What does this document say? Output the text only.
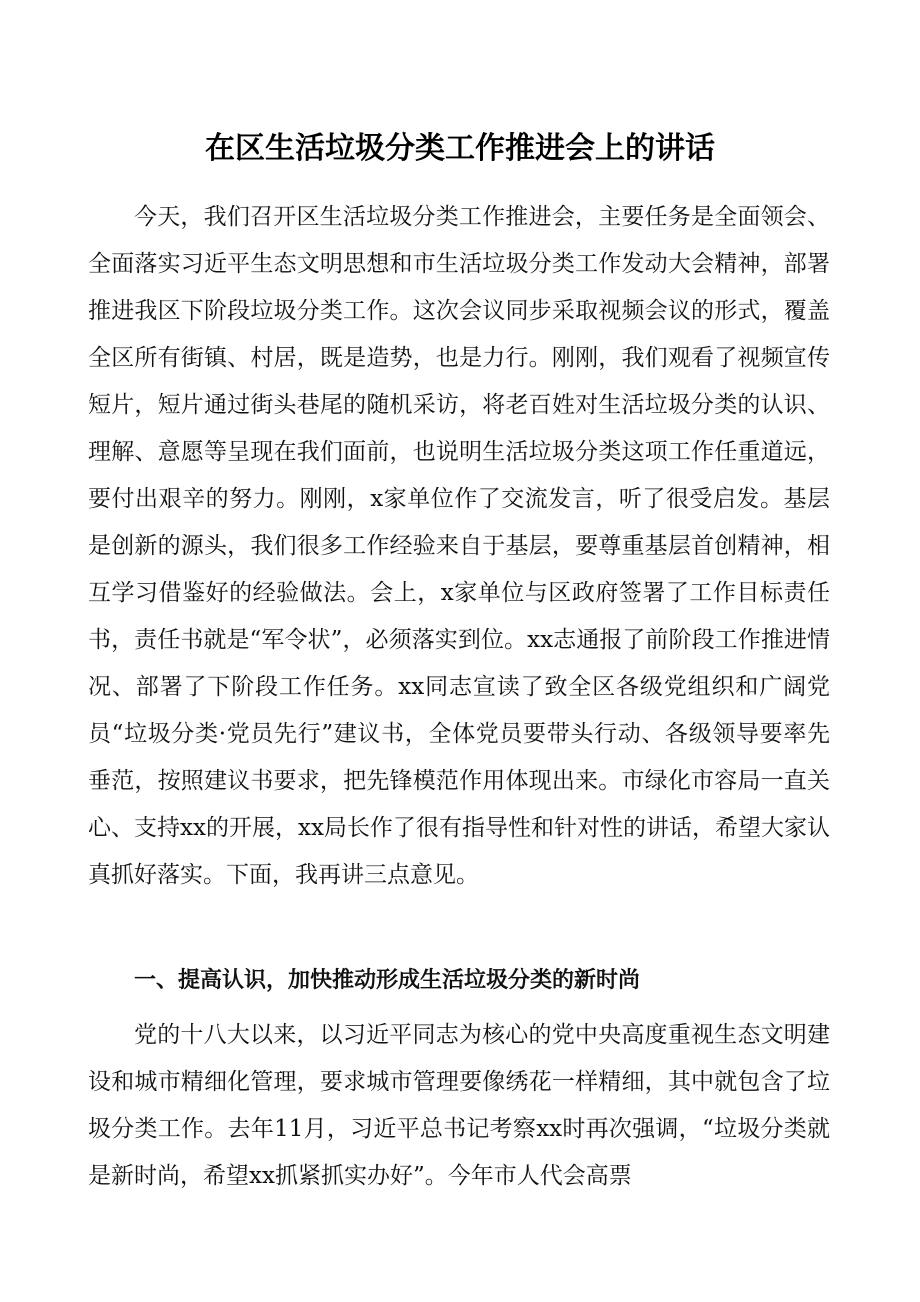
在区生活垃圾分类工作推进会上的讲话

今天，我们召开区生活垃圾分类工作推进会，主要任务是全面领会、全面落实习近平生态文明思想和市生活垃圾分类工作发动大会精神，部署推进我区下阶段垃圾分类工作。这次会议同步采取视频会议的形式，覆盖全区所有街镇、村居，既是造势，也是力行。刚刚，我们观看了视频宣传短片，短片通过街头巷尾的随机采访，将老百姓对生活垃圾分类的认识、理解、意愿等呈现在我们面前，也说明生活垃圾分类这项工作任重道远，要付出艰辛的努力。刚刚，x家单位作了交流发言，听了很受启发。基层是创新的源头，我们很多工作经验来自于基层，要尊重基层首创精神，相互学习借鉴好的经验做法。会上，x家单位与区政府签署了工作目标责任书，责任书就是“军令状”，必须落实到位。xx志通报了前阶段工作推进情况、部署了下阶段工作任务。xx同志宣读了致全区各级党组织和广阔党员“垃圾分类·党员先行”建议书，全体党员要带头行动、各级领导要率先垂范，按照建议书要求，把先锋模范作用体现出来。市绿化市容局一直关心、支持xx的开展，xx局长作了很有指导性和针对性的讲话，希望大家认真抓好落实。下面，我再讲三点意见。

一、提高认识，加快推动形成生活垃圾分类的新时尚

党的十八大以来，以习近平同志为核心的党中央高度重视生态文明建设和城市精细化管理，要求城市管理要像绣花一样精细，其中就包含了垃圾分类工作。去年11月，习近平总书记考察xx时再次强调，“垃圾分类就是新时尚，希望xx抓紧抓实办好”。今年市人代会高票
